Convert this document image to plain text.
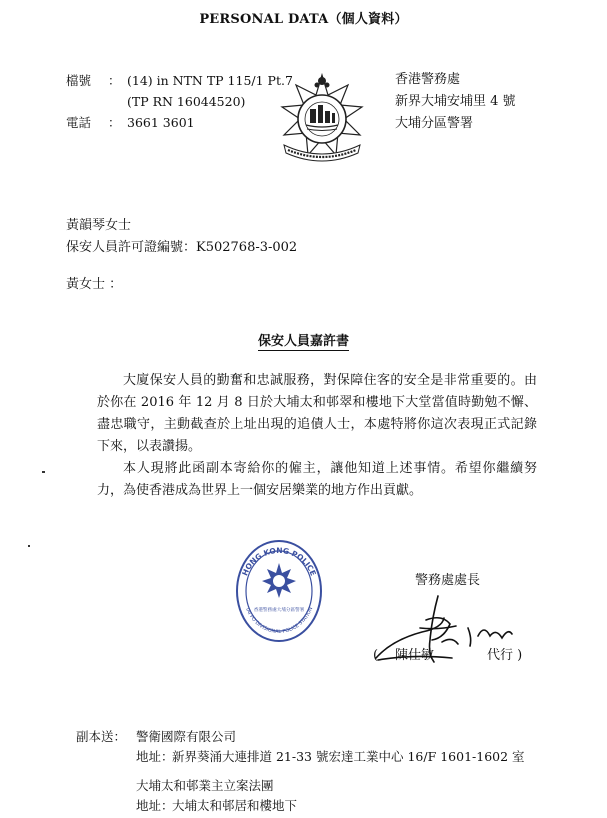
PERSONAL DATA（個人資料）
檔號 ： (14) in NTN TP 115/1 Pt.7
(TP RN 16044520)
電話 ： 3661 3601
香港警務處
新界大埔安埔里 4 號
大埔分區警署
黃韻琴女士
保安人員許可證編號：K502768-3-002
黃女士 ：
保安人員嘉許書
大廈保安人員的勤奮和忠誠服務，對保障住客的安全是非常重要的。由於你在 2016 年 12 月 8 日於大埔太和邨翠和樓地下大堂當值時勤勉不懈、盡忠職守，主動截查於上址出現的追債人士，本處特將你這次表現正式記錄下來，以表讚揚。
本人現將此函副本寄給你的僱主，讓他知道上述事情。希望你繼續努力，為使香港成為世界上一個安居樂業的地方作出貢獻。
HONG KONG POLICE
TAI PO DIVISIONAL POLICE STATION
香港警務處大埔分區警署
警務處處長
( 陳仕敏	代行 )
副本送： 警衛國際有限公司
地址：
新界葵涌大連排道 21-33 號宏達工業中心 16/F 1601-1602 室
大埔太和邨業主立案法團
地址：
大埔太和邨居和樓地下
